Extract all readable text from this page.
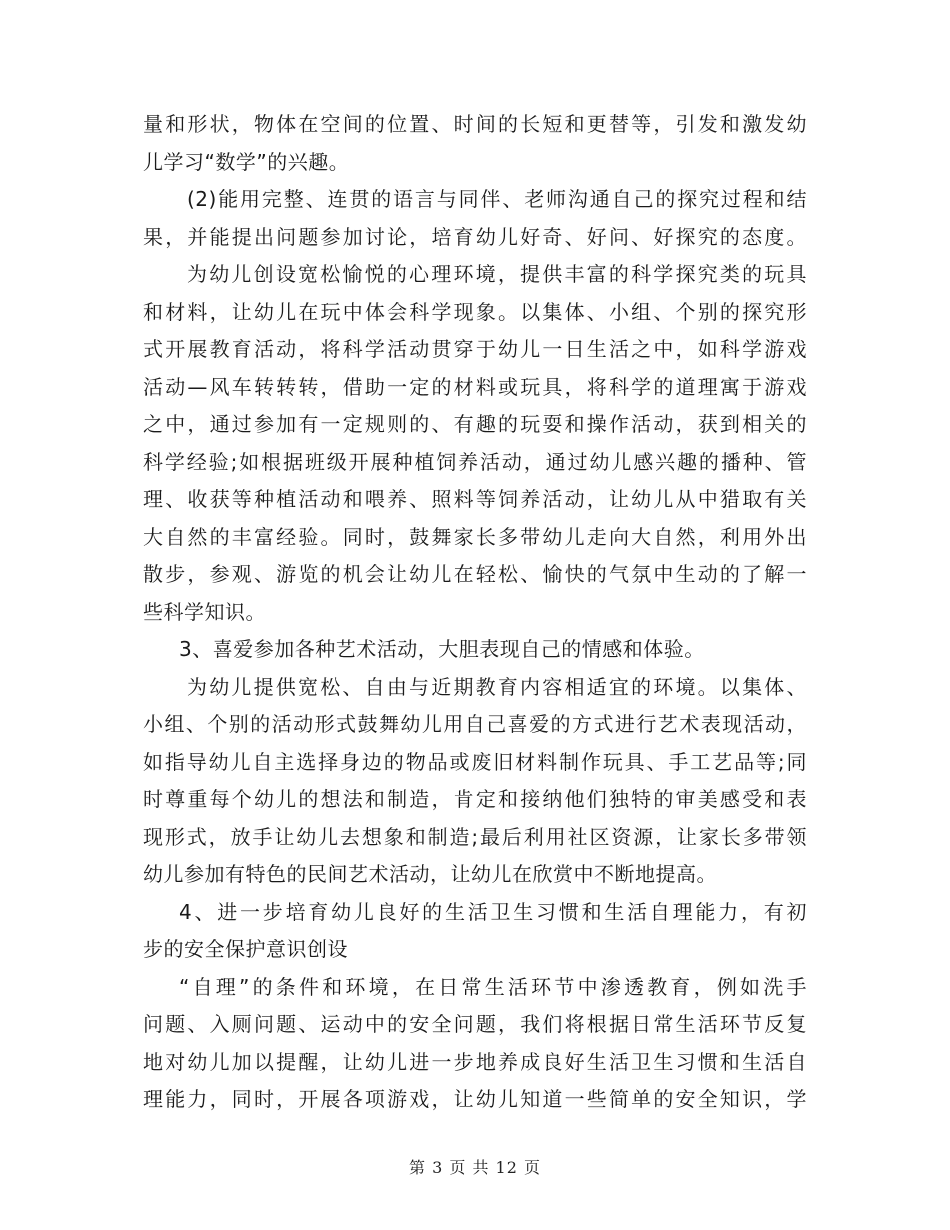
量和形状，物体在空间的位置、时间的长短和更替等，引发和激发幼
儿学习“数学”的兴趣。
(2)能用完整、连贯的语言与同伴、老师沟通自己的探究过程和结
果，并能提出问题参加讨论，培育幼儿好奇、好问、好探究的态度。
为幼儿创设宽松愉悦的心理环境，提供丰富的科学探究类的玩具
和材料，让幼儿在玩中体会科学现象。以集体、小组、个别的探究形
式开展教育活动，将科学活动贯穿于幼儿一日生活之中，如科学游戏
活动—风车转转转，借助一定的材料或玩具，将科学的道理寓于游戏
之中，通过参加有一定规则的、有趣的玩耍和操作活动，获到相关的
科学经验;如根据班级开展种植饲养活动，通过幼儿感兴趣的播种、管
理、收获等种植活动和喂养、照料等饲养活动，让幼儿从中猎取有关
大自然的丰富经验。同时，鼓舞家长多带幼儿走向大自然，利用外出
散步，参观、游览的机会让幼儿在轻松、愉快的气氛中生动的了解一
些科学知识。
3、喜爱参加各种艺术活动，大胆表现自己的情感和体验。
为幼儿提供宽松、自由与近期教育内容相适宜的环境。以集体、
小组、个别的活动形式鼓舞幼儿用自己喜爱的方式进行艺术表现活动，
如指导幼儿自主选择身边的物品或废旧材料制作玩具、手工艺品等;同
时尊重每个幼儿的想法和制造，肯定和接纳他们独特的审美感受和表
现形式，放手让幼儿去想象和制造;最后利用社区资源，让家长多带领
幼儿参加有特色的民间艺术活动，让幼儿在欣赏中不断地提高。
4、进一步培育幼儿良好的生活卫生习惯和生活自理能力，有初
步的安全保护意识创设
“自理”的条件和环境，在日常生活环节中渗透教育，例如洗手
问题、入厕问题、运动中的安全问题，我们将根据日常生活环节反复
地对幼儿加以提醒，让幼儿进一步地养成良好生活卫生习惯和生活自
理能力，同时，开展各项游戏，让幼儿知道一些简单的安全知识，学
第 3 页 共 12 页
